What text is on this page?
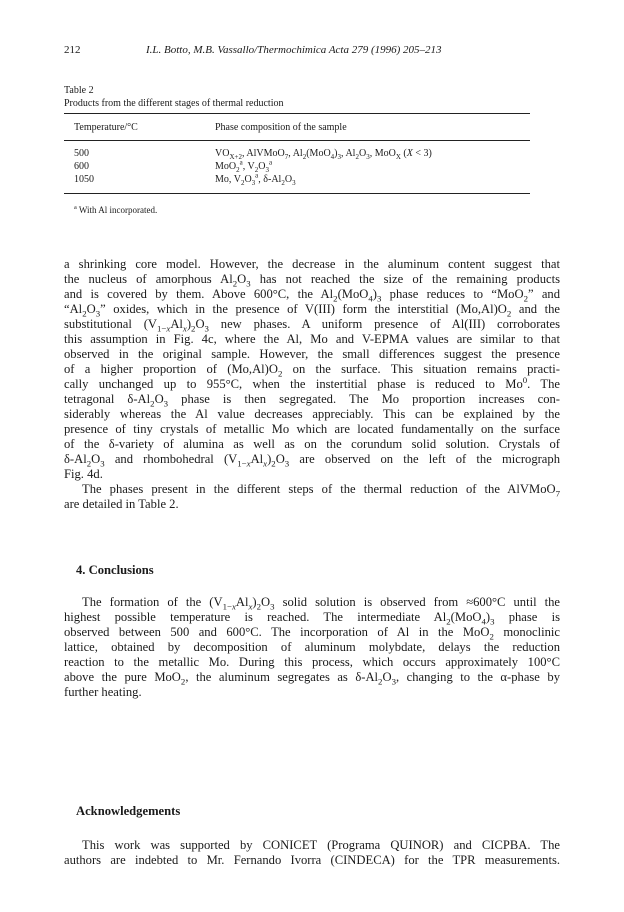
212	I.L. Botto, M.B. Vassallo/Thermochimica Acta 279 (1996) 205–213
Table 2
Products from the different stages of thermal reduction
Temperature/°C	Phase composition of the sample
500	$VO_{X+2}$, AlVMoO$_7$, $Al_2(MoO_4)_3$, $Al_2O_3$, MoO$_X$ (X < 3)
600	MoO$_2^a$, $V_2O_3^a$
1050	Mo, $V_2O_3^a$, $\delta-Al_2O_3$
$^a$ With Al incorporated.

a shrinking core model. However, the decrease in the aluminum content suggest that

the nucleus of amorphous $Al_2O_3$ has not reached the size of the remaining products

and is covered by them. Above 600°C, the $Al_2(MoO_4)_3$ phase reduces to “MoO$_2$” and

“$Al_2O_3$” oxides, which in the presence of V(III) form the interstitial $(Mo,Al)O_2$ and the

substitutional $(V_{1-x}Al_x)_2O_3$ new phases. A uniform presence of Al(III) corroborates

this assumption in Fig. 4c, where the Al, Mo and V-EPMA values are similar to that

observed in the original sample. However, the small differences suggest the presence

of a higher proportion of $(Mo,Al)O_2$ on the surface. This situation remains practi-

cally unchanged up to 955°C, when the instertitial phase is reduced to Mo$^0$. The

tetragonal $\delta-Al_2O_3$ phase is then segregated. The Mo proportion increases con-

siderably whereas the Al value decreases appreciably. This can be explained by the

presence of tiny crystals of metallic Mo which are located fundamentally on the surface

of the δ-variety of alumina as well as on the corundum solid solution. Crystals of

$\delta-Al_2O_3$ and rhombohedral $(V_{1-x}Al_x)_2O_3$ are observed on the left of the micrograph

Fig. 4d.

The phases present in the different steps of the thermal reduction of the AlVMoO$_7$

are detailed in Table 2.

4. Conclusions

The formation of the $(V_{1-x}Al_x)_2O_3$ solid solution is observed from ≈600°C until the

highest possible temperature is reached. The intermediate $Al_2(MoO_4)_3$ phase is

observed between 500 and 600°C. The incorporation of Al in the MoO$_2$ monoclinic

lattice, obtained by decomposition of aluminum molybdate, delays the reduction

reaction to the metallic Mo. During this process, which occurs approximately 100°C

above the pure MoO$_2$, the aluminum segregates as $\delta-Al_2O_3$, changing to the α-phase by

further heating.

Acknowledgements

This work was supported by CONICET (Programa QUINOR) and CICPBA. The

authors are indebted to Mr. Fernando Ivorra (CINDECA) for the TPR measurements.
